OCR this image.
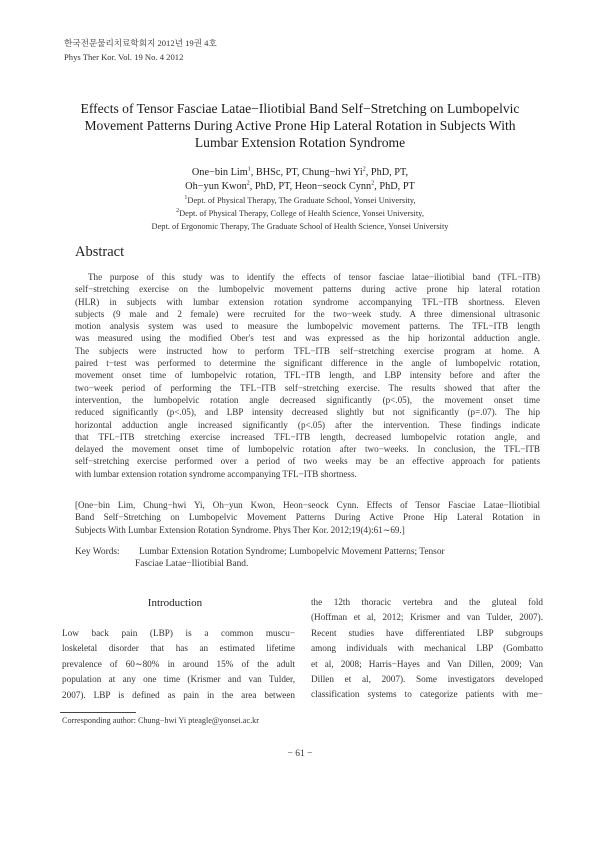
한국전문물리치료학회지 2012년 19권 4호
Phys Ther Kor. Vol. 19 No. 4 2012
Effects of Tensor Fasciae Latae−Iliotibial Band Self−Stretching on Lumbopelvic
Movement Patterns During Active Prone Hip Lateral Rotation in Subjects With
Lumbar Extension Rotation Syndrome
One−bin Lim$^1$, BHSc, PT, Chung−hwi Yi$^2$, PhD, PT,
Oh−yun Kwon$^2$, PhD, PT, Heon−seock Cynn$^2$, PhD, PT
$^1$Dept. of Physical Therapy, The Graduate School, Yonsei University,
$^2$Dept. of Physical Therapy, College of Health Science, Yonsei University,
Dept. of Ergonomic Therapy, The Graduate School of Health Science, Yonsei University
Abstract
The purpose of this study was to identify the effects of tensor fasciae latae−iliotibial band (TFL−ITB)
self−stretching exercise on the lumbopelvic movement patterns during active prone hip lateral rotation
(HLR) in subjects with lumbar extension rotation syndrome accompanying TFL−ITB shortness. Eleven
subjects (9 male and 2 female) were recruited for the two−week study. A three dimensional ultrasonic
motion analysis system was used to measure the lumbopelvic movement patterns. The TFL−ITB length
was measured using the modified Ober's test and was expressed as the hip horizontal adduction angle.
The subjects were instructed how to perform TFL−ITB self−stretching exercise program at home. A
paired t−test was performed to determine the significant difference in the angle of lumbopelvic rotation,
movement onset time of lumbopelvic rotation, TFL−ITB length, and LBP intensity before and after the
two−week period of performing the TFL−ITB self−stretching exercise. The results showed that after the
intervention, the lumbopelvic rotation angle decreased significantly (p<.05), the movement onset time
reduced significantly (p<.05), and LBP intensity decreased slightly but not significantly (p=.07). The hip
horizontal adduction angle increased significantly (p<.05) after the intervention. These findings indicate
that TFL−ITB stretching exercise increased TFL−ITB length, decreased lumbopelvic rotation angle, and
delayed the movement onset time of lumbopelvic rotation after two−weeks. In conclusion, the TFL−ITB
self−stretching exercise performed over a period of two weeks may be an effective approach for patients
with lumbar extension rotation syndrome accompanying TFL−ITB shortness.
[One−bin Lim, Chung−hwi Yi, Oh−yun Kwon, Heon−seock Cynn. Effects of Tensor Fasciae Latae−Iliotibial
Band Self−Stretching on Lumbopelvic Movement Patterns During Active Prone Hip Lateral Rotation in
Subjects With Lumbar Extension Rotation Syndrome. Phys Ther Kor. 2012;19(4):61∼69.]
Key Words: Lumbar Extension Rotation Syndrome; Lumbopelvic Movement Patterns; Tensor
Fasciae Latae−Iliotibial Band.
Introduction
Low back pain (LBP) is a common muscu−
loskeletal disorder that has an estimated lifetime
prevalence of 60∼80% in around 15% of the adult
population at any one time (Krismer and van Tulder,
2007). LBP is defined as pain in the area between
the 12th thoracic vertebra and the gluteal fold
(Hoffman et al, 2012; Krismer and van Tulder, 2007).
Recent studies have differentiated LBP subgroups
among individuals with mechanical LBP (Gombatto
et al, 2008; Harris−Hayes and Van Dillen, 2009; Van
Dillen et al, 2007). Some investigators developed
classification systems to categorize patients with me−
Corresponding author: Chung−hwi Yi pteagle@yonsei.ac.kr
− 61 −
